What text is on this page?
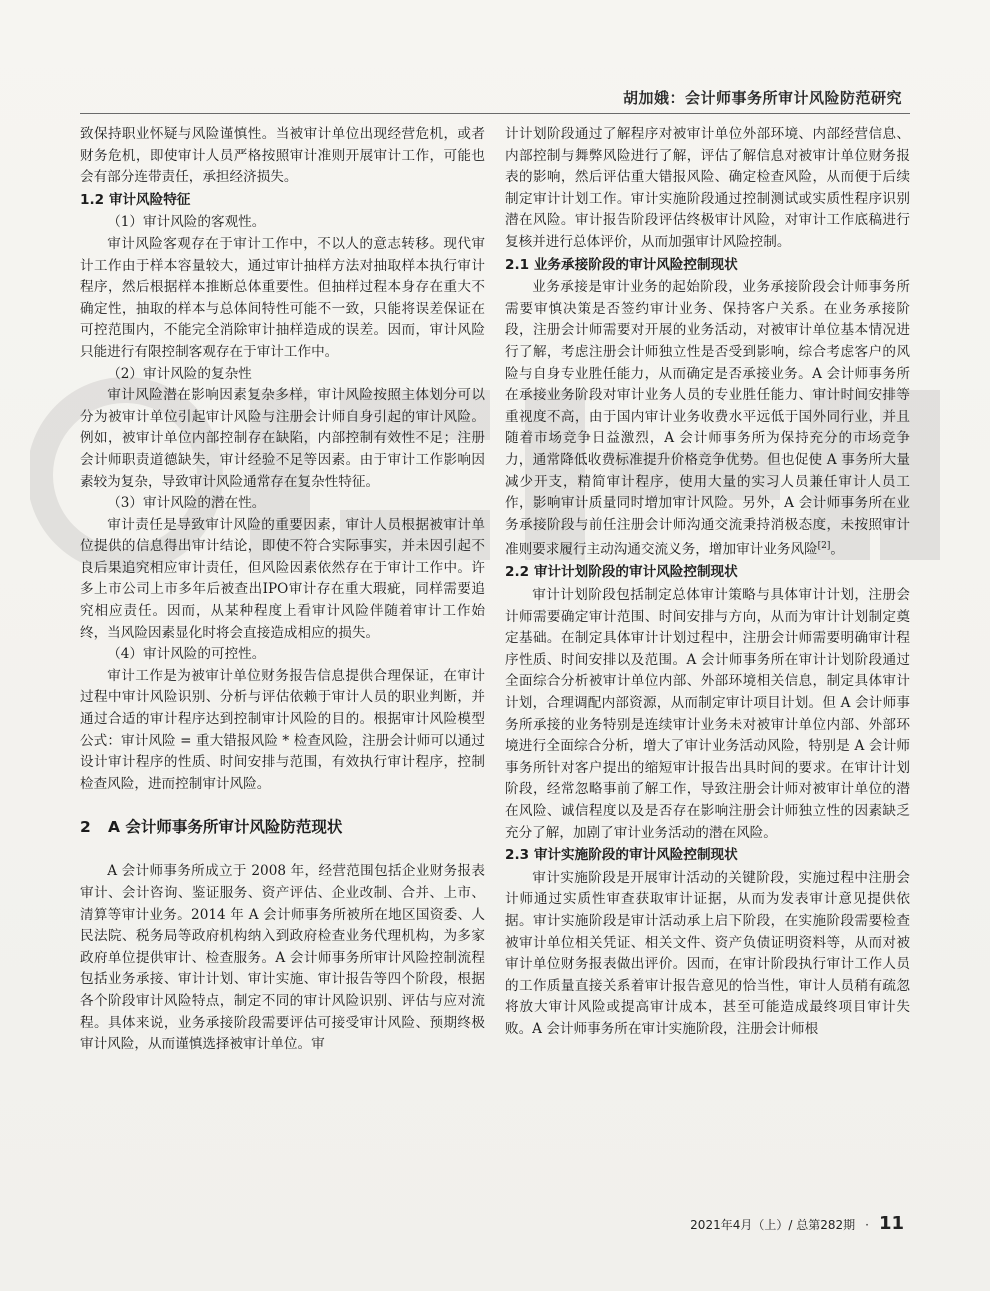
胡加娥：会计师事务所审计风险防范研究

致保持职业怀疑与风险谨慎性。当被审计单位出现经营危机，或者财务危机，即使审计人员严格按照审计准则开展审计工作，可能也会有部分连带责任，承担经济损失。

1.2 审计风险特征

（1）审计风险的客观性。

审计风险客观存在于审计工作中，不以人的意志转移。现代审计工作由于样本容量较大，通过审计抽样方法对抽取样本执行审计程序，然后根据样本推断总体重要性。但抽样过程本身存在重大不确定性，抽取的样本与总体间特性可能不一致，只能将误差保证在可控范围内，不能完全消除审计抽样造成的误差。因而，审计风险只能进行有限控制客观存在于审计工作中。

（2）审计风险的复杂性

审计风险潜在影响因素复杂多样，审计风险按照主体划分可以分为被审计单位引起审计风险与注册会计师自身引起的审计风险。例如，被审计单位内部控制存在缺陷，内部控制有效性不足；注册会计师职责道德缺失，审计经验不足等因素。由于审计工作影响因素较为复杂，导致审计风险通常存在复杂性特征。

（3）审计风险的潜在性。

审计责任是导致审计风险的重要因素，审计人员根据被审计单位提供的信息得出审计结论，即使不符合实际事实，并未因引起不良后果追究相应审计责任，但风险因素依然存在于审计工作中。许多上市公司上市多年后被查出IPO审计存在重大瑕疵，同样需要追究相应责任。因而，从某种程度上看审计风险伴随着审计工作始终，当风险因素显化时将会直接造成相应的损失。

（4）审计风险的可控性。

审计工作是为被审计单位财务报告信息提供合理保证，在审计过程中审计风险识别、分析与评估依赖于审计人员的职业判断，并通过合适的审计程序达到控制审计风险的目的。根据审计风险模型公式：审计风险 = 重大错报风险 * 检查风险，注册会计师可以通过设计审计程序的性质、时间安排与范围，有效执行审计程序，控制检查风险，进而控制审计风险。

2 A 会计师事务所审计风险防范现状

A 会计师事务所成立于 2008 年，经营范围包括企业财务报表审计、会计咨询、鉴证服务、资产评估、企业改制、合并、上市、清算等审计业务。2014 年 A 会计师事务所被所在地区国资委、人民法院、税务局等政府机构纳入到政府检查业务代理机构，为多家政府单位提供审计、检查服务。A 会计师事务所审计风险控制流程包括业务承接、审计计划、审计实施、审计报告等四个阶段，根据各个阶段审计风险特点，制定不同的审计风险识别、评估与应对流程。具体来说，业务承接阶段需要评估可接受审计风险、预期终极审计风险，从而谨慎选择被审计单位。审

计计划阶段通过了解程序对被审计单位外部环境、内部经营信息、内部控制与舞弊风险进行了解，评估了解信息对被审计单位财务报表的影响，然后评估重大错报风险、确定检查风险，从而便于后续制定审计计划工作。审计实施阶段通过控制测试或实质性程序识别潜在风险。审计报告阶段评估终极审计风险，对审计工作底稿进行复核并进行总体评价，从而加强审计风险控制。

2.1 业务承接阶段的审计风险控制现状

业务承接是审计业务的起始阶段，业务承接阶段会计师事务所需要审慎决策是否签约审计业务、保持客户关系。在业务承接阶段，注册会计师需要对开展的业务活动，对被审计单位基本情况进行了解，考虑注册会计师独立性是否受到影响，综合考虑客户的风险与自身专业胜任能力，从而确定是否承接业务。A 会计师事务所在承接业务阶段对审计业务人员的专业胜任能力、审计时间安排等重视度不高，由于国内审计业务收费水平远低于国外同行业，并且随着市场竞争日益激烈，A 会计师事务所为保持充分的市场竞争力，通常降低收费标准提升价格竞争优势。但也促使 A 事务所大量减少开支，精简审计程序，使用大量的实习人员兼任审计人员工作，影响审计质量同时增加审计风险。另外，A 会计师事务所在业务承接阶段与前任注册会计师沟通交流秉持消极态度，未按照审计准则要求履行主动沟通交流义务，增加审计业务风险[2]。

2.2 审计计划阶段的审计风险控制现状

审计计划阶段包括制定总体审计策略与具体审计计划，注册会计师需要确定审计范围、时间安排与方向，从而为审计计划制定奠定基础。在制定具体审计计划过程中，注册会计师需要明确审计程序性质、时间安排以及范围。A 会计师事务所在审计计划阶段通过全面综合分析被审计单位内部、外部环境相关信息，制定具体审计计划，合理调配内部资源，从而制定审计项目计划。但 A 会计师事务所承接的业务特别是连续审计业务未对被审计单位内部、外部环境进行全面综合分析，增大了审计业务活动风险，特别是 A 会计师事务所针对客户提出的缩短审计报告出具时间的要求。在审计计划阶段，经常忽略事前了解工作，导致注册会计师对被审计单位的潜在风险、诚信程度以及是否存在影响注册会计师独立性的因素缺乏充分了解，加剧了审计业务活动的潜在风险。

2.3 审计实施阶段的审计风险控制现状

审计实施阶段是开展审计活动的关键阶段，实施过程中注册会计师通过实质性审查获取审计证据，从而为发表审计意见提供依据。审计实施阶段是审计活动承上启下阶段，在实施阶段需要检查被审计单位相关凭证、相关文件、资产负债证明资料等，从而对被审计单位财务报表做出评价。因而，在审计阶段执行审计工作人员的工作质量直接关系着审计报告意见的恰当性，审计人员稍有疏忽将放大审计风险或提高审计成本，甚至可能造成最终项目审计失败。A 会计师事务所在审计实施阶段，注册会计师根

2021年4月（上）/ 总第282期 · 11
